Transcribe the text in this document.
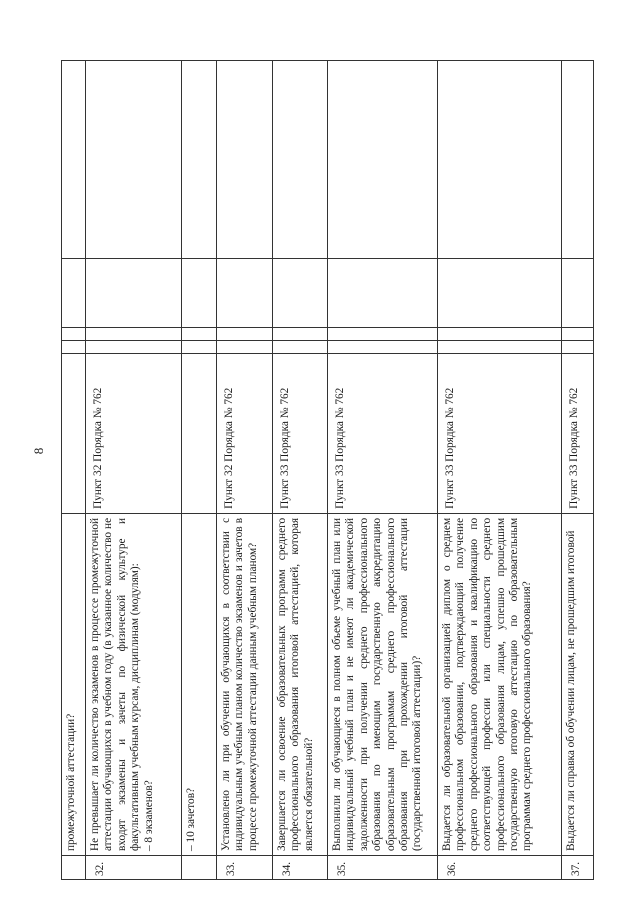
8
промежуточной аттестации?
32.
Не превышает ли количество экзаменов в процессе промежуточной аттестации обучающихся в учебном году (в указанное количество не входят экзамены и зачеты по физической культуре и факультативным учебным курсам, дисциплинам (модулям): – 8 экзаменов?
Пункт 32 Порядка № 762
– 10 зачетов?
33.
Установлено ли при обучении обучающихся в соответствии с индивидуальным учебным планом количество экзаменов и зачетов в процессе промежуточной аттестации данным учебным планом?
Пункт 32 Порядка № 762
34.
Завершается ли освоение образовательных программ среднего профессионального образования итоговой аттестацией, которая является обязательной?
Пункт 33 Порядка № 762
35.
Выполнили ли обучающиеся в полном объеме учебный план или индивидуальный учебный план и не имеют ли академической задолженности при получении среднего профессионального образования по имеющим государственную аккредитацию образовательным программам среднего профессионального образования при прохождении итоговой аттестации (государственной итоговой аттестации)?
Пункт 33 Порядка № 762
36.
Выдается ли образовательной организацией диплом о среднем профессиональном образовании, подтверждающий получение среднего профессионального образования и квалификацию по соответствующей профессии или специальности среднего профессионального образования лицам, успешно прошедшим государственную итоговую аттестацию по образовательным программам среднего профессионального образования?
Пункт 33 Порядка № 762
37.
Выдается ли справка об обучении лицам, не прошедшим итоговой
Пункт 33 Порядка № 762
